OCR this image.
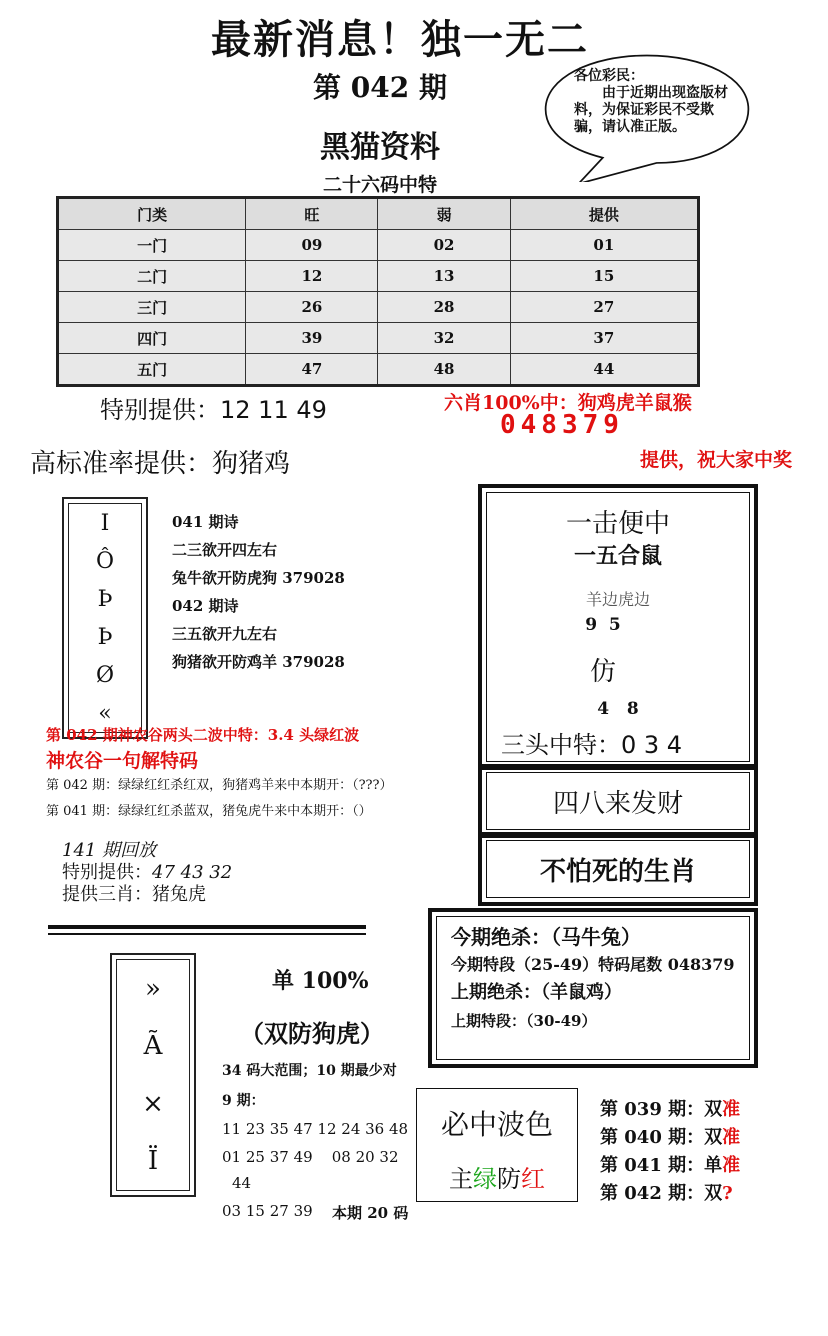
最新消息！独一无二
第 042 期
黑猫资料
二十六码中特
各位彩民：
由于近期出现盗版材料，为保证彩民不受欺骗，请认准正版。
门类	旺	弱	提供
一门	09	02	01
二门	12	13	15
三门	26	28	27
四门	39	32	37
五门	47	48	44
特别提供：12 11 49	六肖100%中：狗鸡虎羊鼠猴
048379
提供，祝大家中奖
高标准率提供：狗猪鸡
I
Ô
Þ
Þ
Ø
«
041 期诗
二三欲开四左右
兔牛欲开防虎狗 379028
042 期诗
三五欲开九左右
狗猪欲开防鸡羊 379028
第 042 期神农谷两头二波中特：3.4 头绿红波
神农谷一句解特码
第 042 期：绿绿红红杀红双，狗猪鸡羊来中本期开：（???）
第 041 期：绿绿红红杀蓝双，猪兔虎牛来中本期开：（）
141 期回放
特别提供：47 43 32
提供三肖：猪兔虎
一击便中
一五合鼠
羊边虎边
9  5
仿
4   8
三头中特：0 3 4
四八来发财
不怕死的生肖
今期绝杀：（马牛兔）
今期特段（25-49）特码尾数 048379
上期绝杀：（羊鼠鸡）
上期特段：（30-49）
»
Ã
×
Ï
单 100%
（双防狗虎）
34 码大范围；10 期最少对
9 期：
11 23 35 47 12 24 36 48
01 25 37 49    08 20 32
44
03 15 27 39 本期 20 码
必中波色
主绿防红
第 039 期：双准
第 040 期：双准
第 041 期：单准
第 042 期：双?
